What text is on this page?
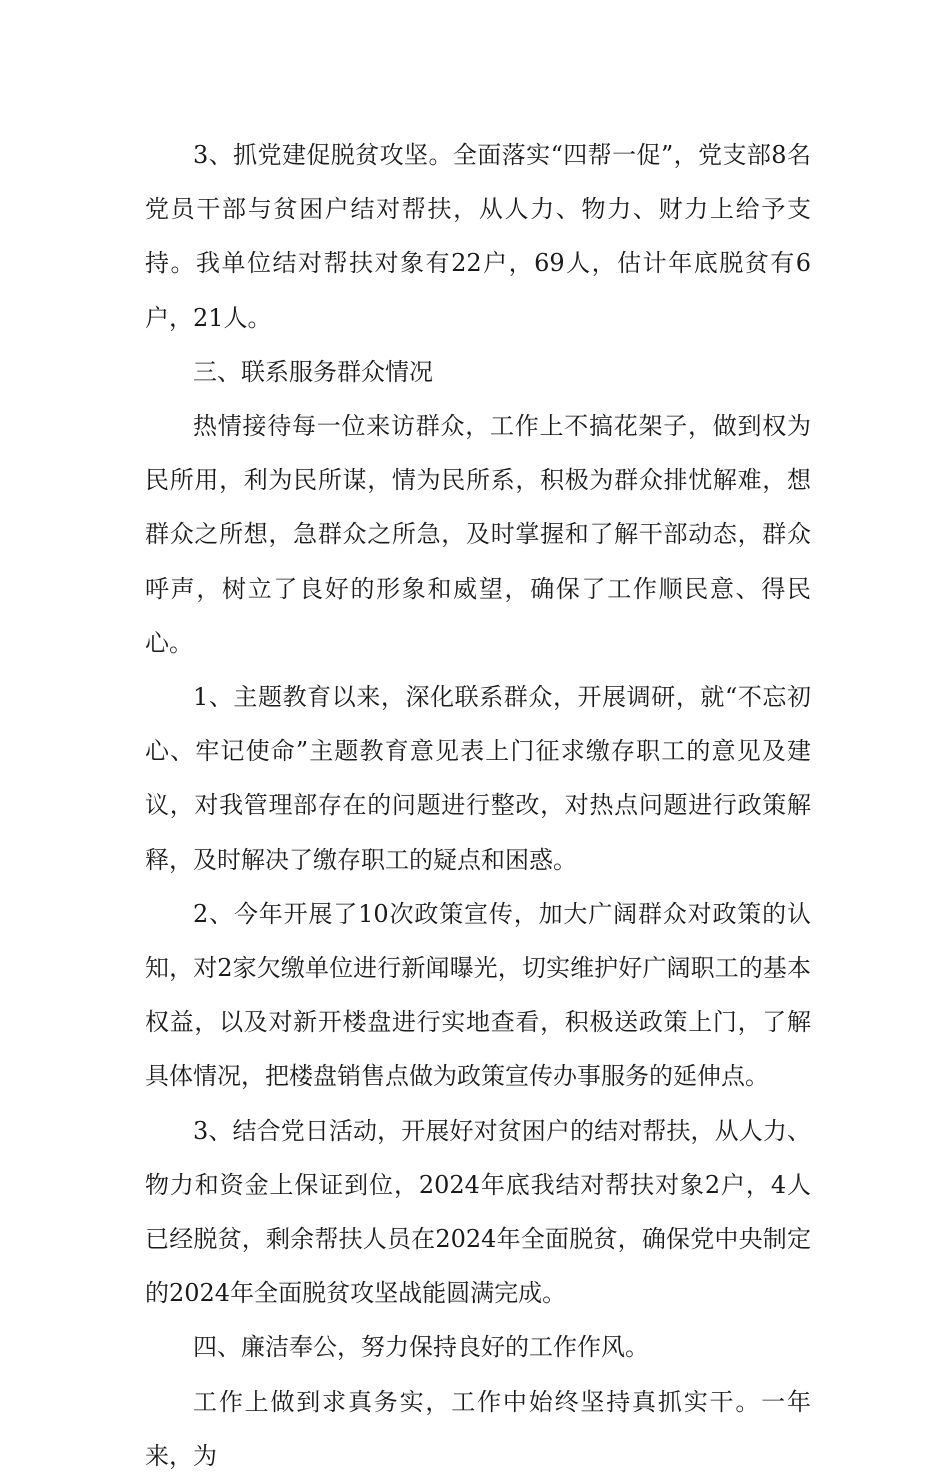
3、抓党建促脱贫攻坚。全面落实“四帮一促”，党支部8名党员干部与贫困户结对帮扶，从人力、物力、财力上给予支持。我单位结对帮扶对象有22户，69人，估计年底脱贫有6户，21人。

三、联系服务群众情况

热情接待每一位来访群众，工作上不搞花架子，做到权为民所用，利为民所谋，情为民所系，积极为群众排忧解难，想群众之所想，急群众之所急，及时掌握和了解干部动态，群众呼声，树立了良好的形象和威望，确保了工作顺民意、得民心。

1、主题教育以来，深化联系群众，开展调研，就“不忘初心、牢记使命”主题教育意见表上门征求缴存职工的意见及建议，对我管理部存在的问题进行整改，对热点问题进行政策解释，及时解决了缴存职工的疑点和困惑。

2、今年开展了10次政策宣传，加大广阔群众对政策的认知，对2家欠缴单位进行新闻曝光，切实维护好广阔职工的基本权益，以及对新开楼盘进行实地查看，积极送政策上门，了解具体情况，把楼盘销售点做为政策宣传办事服务的延伸点。

3、结合党日活动，开展好对贫困户的结对帮扶，从人力、物力和资金上保证到位，2024年底我结对帮扶对象2户，4人已经脱贫，剩余帮扶人员在2024年全面脱贫，确保党中央制定的2024年全面脱贫攻坚战能圆满完成。

四、廉洁奉公，努力保持良好的工作作风。

工作上做到求真务实，工作中始终坚持真抓实干。一年来，为
